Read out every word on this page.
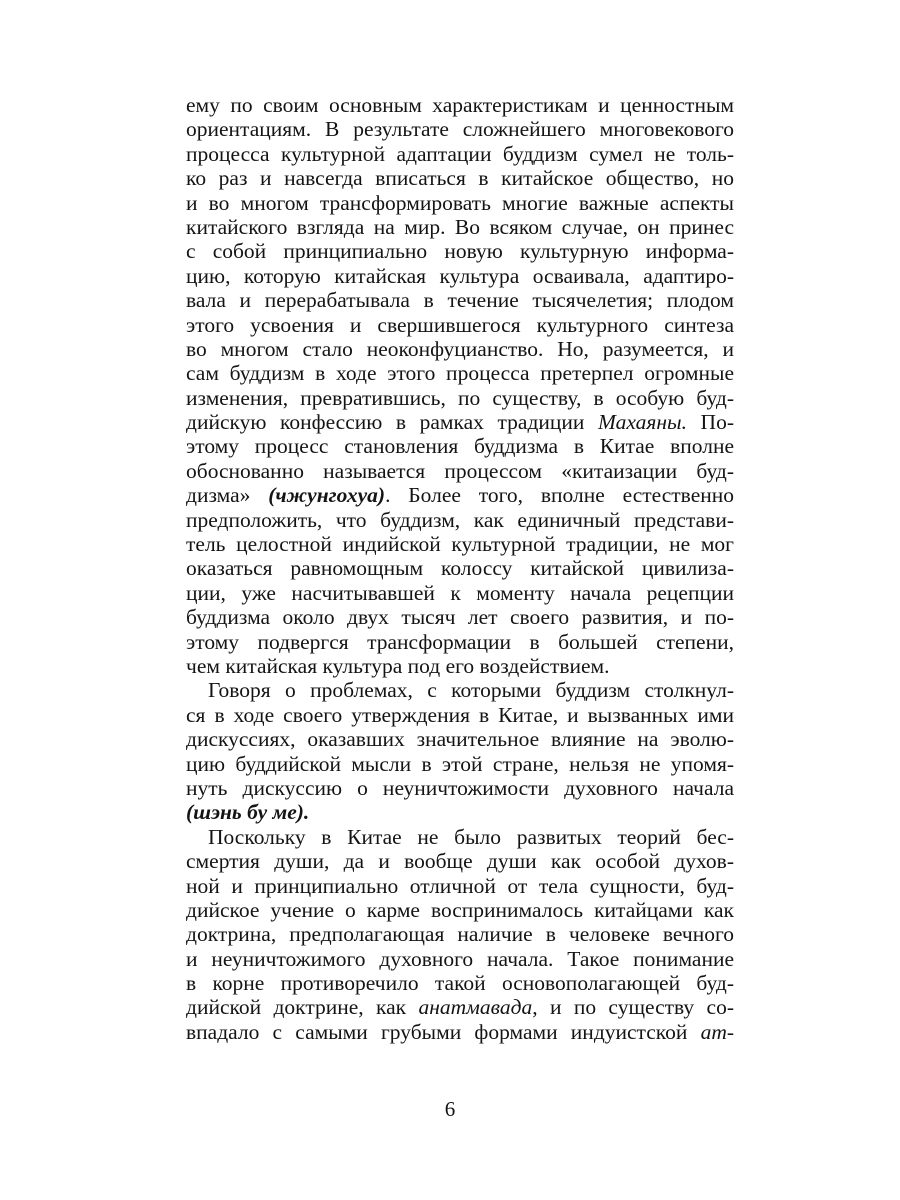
ему по своим основным характеристикам и ценностным
ориентациям. В результате сложнейшего многовекового
процесса культурной адаптации буддизм сумел не толь-
ко раз и навсегда вписаться в китайское общество, но
и во многом трансформировать многие важные аспекты
китайского взгляда на мир. Во всяком случае, он принес
с собой принципиально новую культурную информа-
цию, которую китайская культура осваивала, адаптиро-
вала и перерабатывала в течение тысячелетия; плодом
этого усвоения и свершившегося культурного синтеза
во многом стало неоконфуцианство. Но, разумеется, и
сам буддизм в ходе этого процесса претерпел огромные
изменения, превратившись, по существу, в особую буд-
дийскую конфессию в рамках традиции Махаяны. По-
этому процесс становления буддизма в Китае вполне
обоснованно называется процессом «китаизации буд-
дизма» (чжунгохуа). Более того, вполне естественно
предположить, что буддизм, как единичный представи-
тель целостной индийской культурной традиции, не мог
оказаться равномощным колоссу китайской цивилиза-
ции, уже насчитывавшей к моменту начала рецепции
буддизма около двух тысяч лет своего развития, и по-
этому подвергся трансформации в большей степени,
чем китайская культура под его воздействием.
Говоря о проблемах, с которыми буддизм столкнул-
ся в ходе своего утверждения в Китае, и вызванных ими
дискуссиях, оказавших значительное влияние на эволю-
цию буддийской мысли в этой стране, нельзя не упомя-
нуть дискуссию о неуничтожимости духовного начала
(шэнь бу ме).
Поскольку в Китае не было развитых теорий бес-
смертия души, да и вообще души как особой духов-
ной и принципиально отличной от тела сущности, буд-
дийское учение о карме воспринималось китайцами как
доктрина, предполагающая наличие в человеке вечного
и неуничтожимого духовного начала. Такое понимание
в корне противоречило такой основополагающей буд-
дийской доктрине, как анатмавада, и по существу со-
впадало с самыми грубыми формами индуистской ат-
6
